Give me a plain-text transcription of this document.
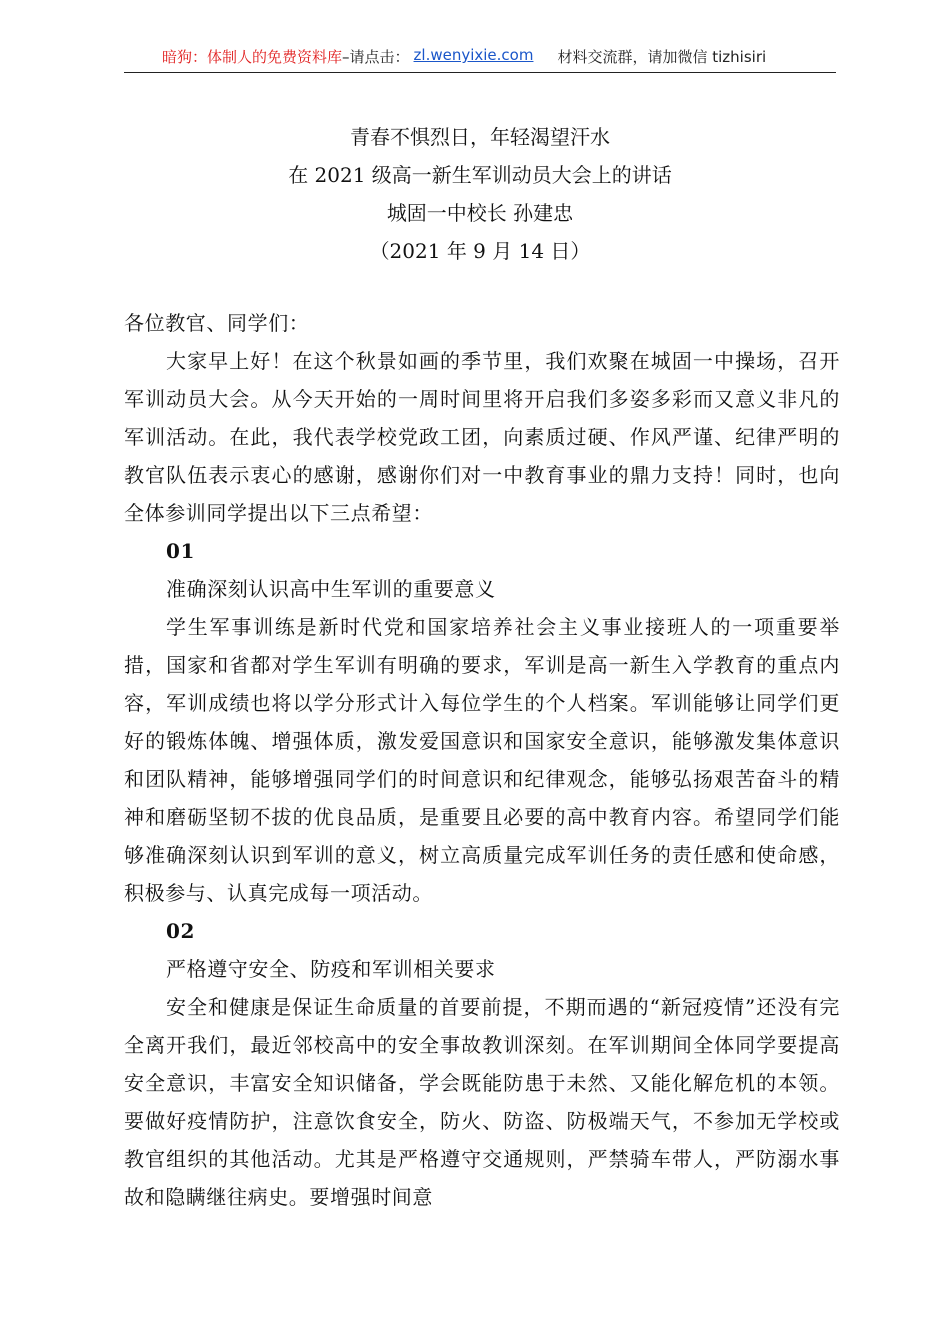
暗狗：体制人的免费资料库 –请点击： zl.wenyixie.com 材料交流群，请加微信 tizhisiri
青春不惧烈日，年轻渴望汗水
在 2021 级高一新生军训动员大会上的讲话
城固一中校长 孙建忠
（2021 年 9 月 14 日）

各位教官、同学们：

大家早上好！在这个秋景如画的季节里，我们欢聚在城固一中操场，召开军训动员大会。从今天开始的一周时间里将开启我们多姿多彩而又意义非凡的军训活动。在此，我代表学校党政工团，向素质过硬、作风严谨、纪律严明的教官队伍表示衷心的感谢，感谢你们对一中教育事业的鼎力支持！同时，也向全体参训同学提出以下三点希望：

01

准确深刻认识高中生军训的重要意义

学生军事训练是新时代党和国家培养社会主义事业接班人的一项重要举措，国家和省都对学生军训有明确的要求，军训是高一新生入学教育的重点内容，军训成绩也将以学分形式计入每位学生的个人档案。军训能够让同学们更好的锻炼体魄、增强体质，激发爱国意识和国家安全意识，能够激发集体意识和团队精神，能够增强同学们的时间意识和纪律观念，能够弘扬艰苦奋斗的精神和磨砺坚韧不拔的优良品质，是重要且必要的高中教育内容。希望同学们能够准确深刻认识到军训的意义，树立高质量完成军训任务的责任感和使命感，积极参与、认真完成每一项活动。

02

严格遵守安全、防疫和军训相关要求

安全和健康是保证生命质量的首要前提，不期而遇的“新冠疫情”还没有完全离开我们，最近邻校高中的安全事故教训深刻。在军训期间全体同学要提高安全意识，丰富安全知识储备，学会既能防患于未然、又能化解危机的本领。要做好疫情防护，注意饮食安全，防火、防盗、防极端天气，不参加无学校或教官组织的其他活动。尤其是严格遵守交通规则，严禁骑车带人，严防溺水事故和隐瞒继往病史。要增强时间意
